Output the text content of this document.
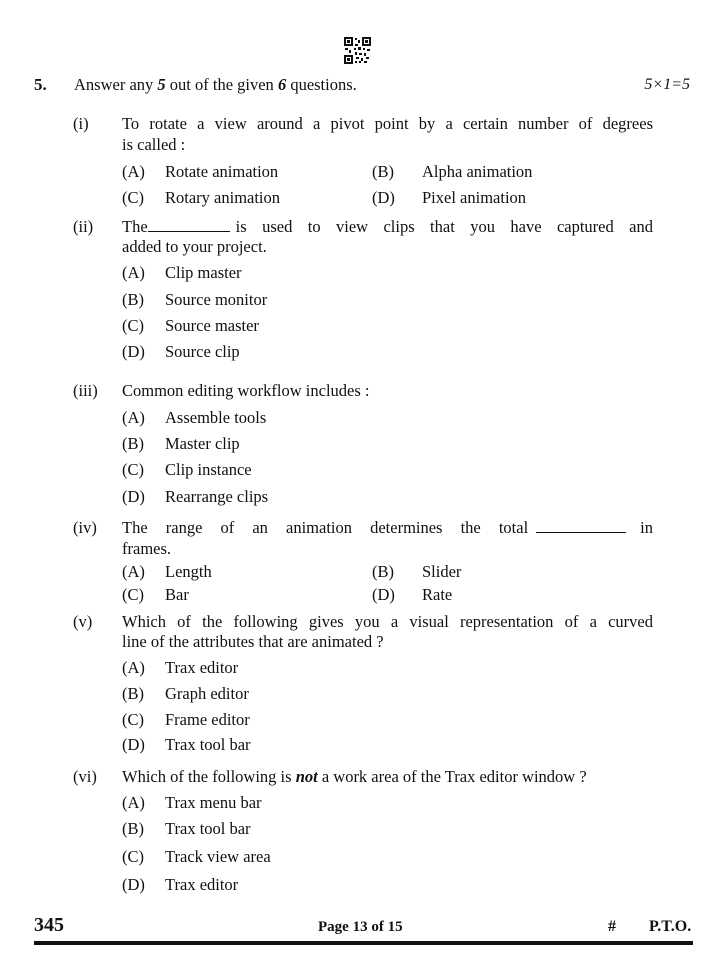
5. Answer any 5 out of the given 6 questions.	5×1=5
(i) To rotate a view around a pivot point by a certain number of degrees
is called :
(A) Rotate animation	(B) Alpha animation
(C) Rotary animation	(D) Pixel animation
(ii) The	is used to view clips that you have captured and
added to your project.
(A) Clip master
(B) Source monitor
(C) Source master
(D) Source clip
(iii) Common editing workflow includes :
(A) Assemble tools
(B) Master clip
(C) Clip instance
(D) Rearrange clips
(iv) The range of an animation determines the total	in
frames.
(A) Length	(B) Slider
(C) Bar	(D) Rate
(v) Which of the following gives you a visual representation of a curved
line of the attributes that are animated ?
(A) Trax editor
(B) Graph editor
(C) Frame editor
(D) Trax tool bar
(vi) Which of the following is not a work area of the Trax editor window ?
(A) Trax menu bar
(B) Trax tool bar
(C) Track view area
(D) Trax editor
345	Page 13 of 15	# P.T.O.
